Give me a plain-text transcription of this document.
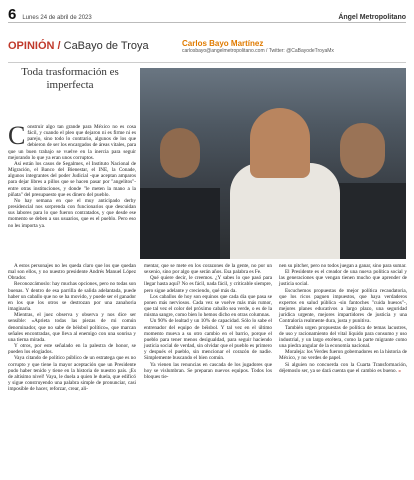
6 Lunes 24 de abril de 2023	Ángel Metropolitano
OPINIÓN / CaBayo de Troya	Carlos Bayo Martínez
carlosbayo@angelmetropolitano.com / Twitter: @CaBayodeTroyaMx
Toda trasformación es imperfecta
C onstruir algo tan grande para México no es cosa fácil, y cuando el pleo que dejaron ni es firme ni es parejo, sino todo lo contrario, algunos de los que debieron de ser los encargados de áreas vitales, para que un buen trabajo se vuelve en la inercia para seguir mejorando lo que ya eran unos corruptos.

Así están los casos de Segalmex, el Instituto Nacional de Migración, el Banco del Bienestar, el INE, la Conade, algunos integrantes del poder Judicial -que aceptan amparos para dejar libres a pillos que se hacen pasar por "angelitos"- entre otras instituciones, y donde "le meten la mano a la piñata" del presupuesto que es dinero del pueblo.

No hay semana en que el muy anticipado derby presidencial nos sorprenda con funcionarios que descuidan sus labores para lo que fueron contratados, y que desde ese momento se deben a sus usuarios, que es el pueblo. Pero eso no les importa ya.

A estos personajes no les queda claro que los que quedan mal son ellos, y no nuestro presidente Andrés Manuel López Obrador.

Reconozcámoslo: hay muchas opciones, pero no todas son buenas. Y dentro de esa parrilla de salida adelantada, puede haber un caballo que no se ha movido, y puede ser el ganador en los que los otros se destrozan por una zanahoria imaginaria.

Mientras, el juez observa y observa y nos dice ser sensible: «Aprieta todas las piezas de mi común denominador, que no sabe de béisbol político», que marcan señales encontradas, que lleva al enemigo con una sonrisa y una tierna mirada.

Y otros, por este señalado en la palestra de honor, se pueden los elogiados.

Vaya citando de político público de un estratega que es no corrupto y que tiene la mayor aceptación que un Presidente pudo haber tenido y tiene en la historia de nuestro país. ¡Es de altísimo nivel! Vaya, le duela a quien le duela, que edificó y sigue construyendo una palabra simple de pronunciar, casi imposible de hacer, reforzar, crear, ali-

mentar, que se mete en los corazones de la gente, no por un sexenio, sino por algo que serán años. Esa palabra es Fe.

Qué quiere decir, le creemos. ¿Y sabes lo que pasó para llegar hasta aquí? No es fácil, nada fácil, y criticable siempre, pero sigue adelante y creciendo, qué más da.

Los caballos de hoy son equinos que cada día que pasa se ponen más nerviosos. Cada vez se vuelve más más rumor, que tal vez el color del próximo caballo sea verde, o es de la misma sangre, como bien lo hemos dicho en otras columnas.

Un 90% de lealtad y un 10% de capacidad. Sólo lo sabe el entrenador del equipo de béisbol. Y tal vez en el último momento mueva a su otro cambio en el barrio, porque el pueblo para tener menos desigualdad, para seguir haciendo justicia social de verdad, sin olvidar que el pueblo es primero y después el pueblo, sin mencionar el corazón de nadie. Simplemente buscando el bien común.

Ya vienen las renuncias en cascada de los jugadores que hoy se vislumbran. Se preparan nuevos equipos. Todos los bloques tie-

nen su pitcher, pero no todos juegan a ganar, sino para sumar.

El Presidente es el creador de una nueva política social y las generaciones que vengan tienen mucho que aprender de justicia social.

Escuchemos propuestas de mejor política recaudatoria, que los ricos paguen impuestos, que haya verdaderos expertos en salud pública -sin fantoches "cuida huesos"-, mejores planes educativos a largo plazo, una seguridad jurídica urgente, mejores impartidores de justicia y una Contraloría realmente dura, justa y punitiva.

También urgen propuestas de política de temas lacustres, de uso y racionamiento del vital líquido para consumo y uso industrial, y un largo etcétera, como la parte migrante como una piedra angular de la economía nacional.

Moraleja: los Verdes fueron gobernadores en la historia de México, y no verdes de papel.

Si alguien no concuerda con la Cuarta Transformación, déjemoslo ser, ya se dará cuenta que el cambio es bueno. «
